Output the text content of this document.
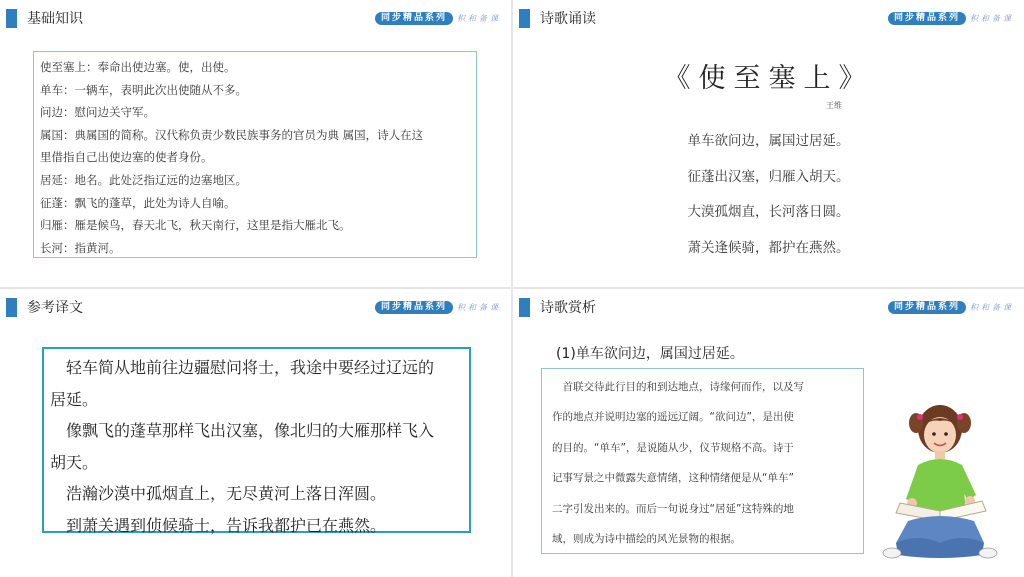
基础知识	同步精品系列	积和备课
使至塞上：奉命出使边塞。使，出使。
单车：一辆车，表明此次出使随从不多。
问边：慰问边关守军。
属国：典属国的简称。汉代称负责少数民族事务的官员为典 属国，诗人在这
里借指自己出使边塞的使者身份。
居延：地名。此处泛指辽远的边塞地区。
征蓬：飘飞的蓬草，此处为诗人自喻。
归雁：雁是候鸟，春天北飞，秋天南行，这里是指大雁北飞。
长河：指黄河。
诗歌诵读	同步精品系列	积和备课
《使至塞上》
王维
单车欲问边，属国过居延。
征蓬出汉塞，归雁入胡天。
大漠孤烟直，长河落日圆。
萧关逢候骑，都护在燕然。
参考译文	同步精品系列	积和备课
　轻车简从地前往边疆慰问将士，我途中要经过辽远的
居延。
　像飘飞的蓬草那样飞出汉塞，像北归的大雁那样飞入
胡天。
　浩瀚沙漠中孤烟直上，无尽黄河上落日浑圆。
　到萧关遇到侦候骑士，告诉我都护已在燕然。
诗歌赏析	同步精品系列	积和备课
(1)单车欲问边，属国过居延。
　首联交待此行目的和到达地点，诗缘何而作，以及写
作的地点并说明边塞的遥远辽阔。“欲问边”，是出使
的目的。“单车”，是说随从少，仪节规格不高。诗于
记事写景之中微露失意情绪，这种情绪便是从“单车”
二字引发出来的。而后一句说身过“居延”这特殊的地
域，则成为诗中描绘的风光景物的根据。
